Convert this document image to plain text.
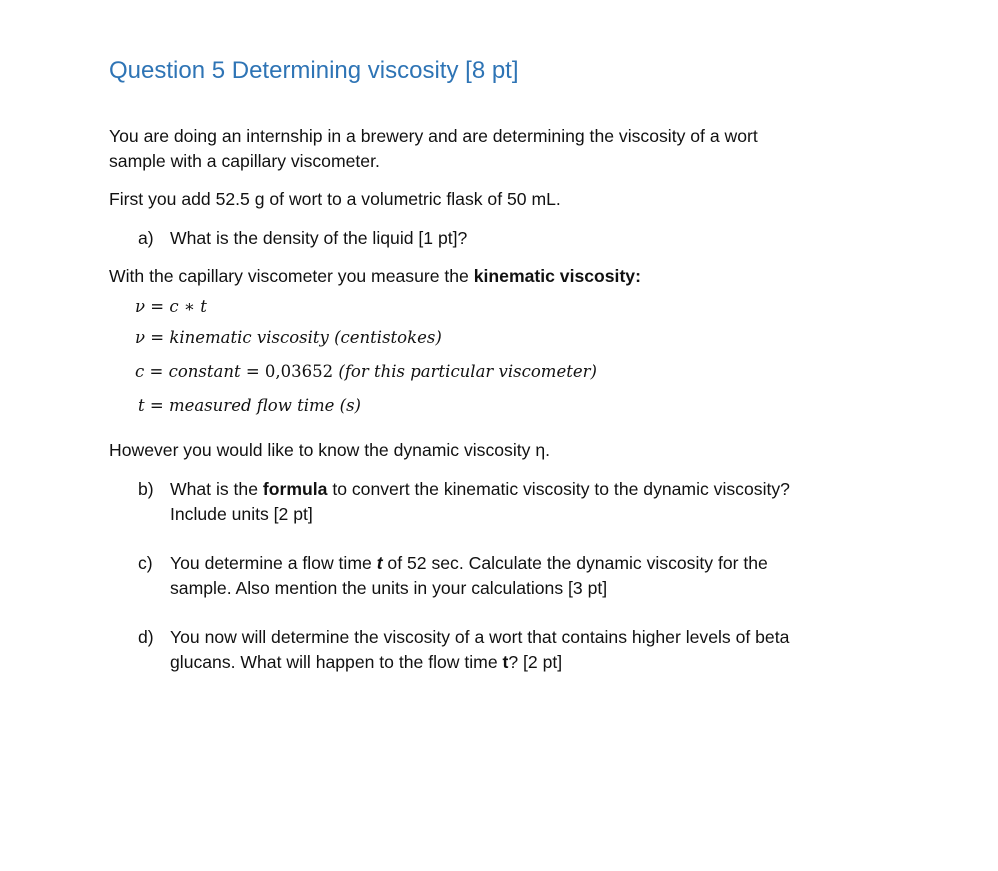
Question 5 Determining viscosity [8 pt]
You are doing an internship in a brewery and are determining the viscosity of a wort
sample with a capillary viscometer.
First you add 52.5 g of wort to a volumetric flask of 50 mL.
a) What is the density of the liquid [1 pt]?
With the capillary viscometer you measure the kinematic viscosity:
ν = c ∗ t
ν = kinematic viscosity (centistokes)
c = constant = 0,03652 (for this particular viscometer)
t = measured flow time (s)
However you would like to know the dynamic viscosity η.
b) What is the formula to convert the kinematic viscosity to the dynamic viscosity?
Include units [2 pt]
c) You determine a flow time t of 52 sec. Calculate the dynamic viscosity for the
sample. Also mention the units in your calculations [3 pt]
d) You now will determine the viscosity of a wort that contains higher levels of beta
glucans. What will happen to the flow time t? [2 pt]
